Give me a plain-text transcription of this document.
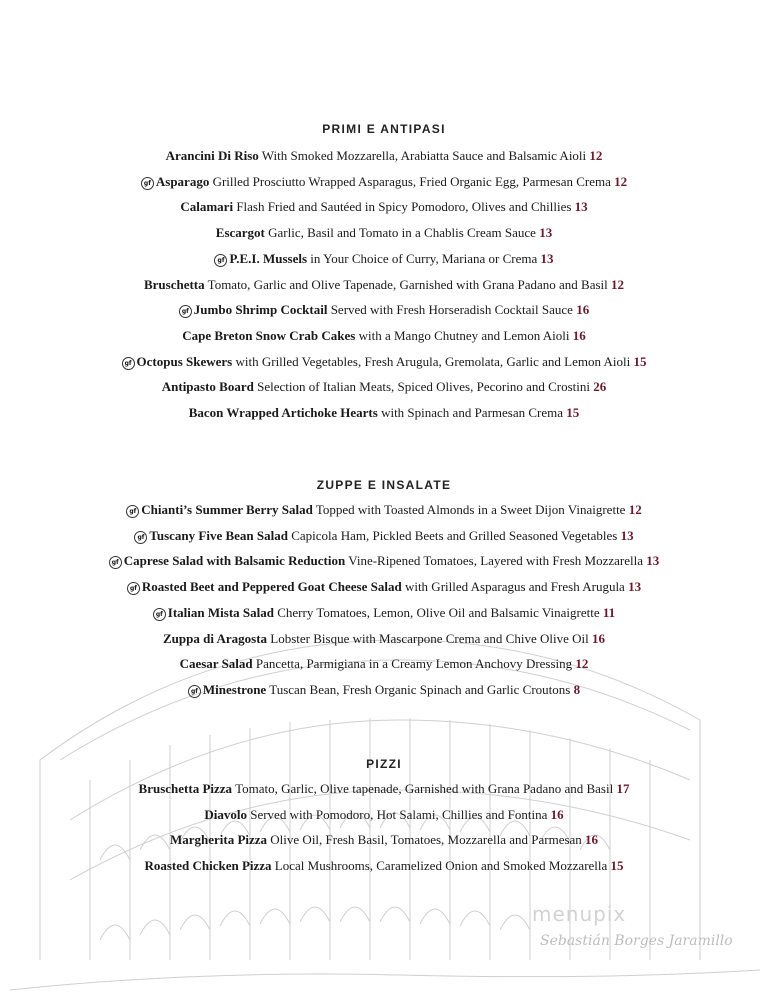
Sebastián Borges Jaramillo
PRIMI E ANTIPASI
Arancini Di Riso With Smoked Mozzarella, Arabiatta Sauce and Balsamic Aioli 12
gf Asparago Grilled Prosciutto Wrapped Asparagus, Fried Organic Egg, Parmesan Crema 12
Calamari Flash Fried and Sautéed in Spicy Pomodoro, Olives and Chillies 13
Escargot Garlic, Basil and Tomato in a Chablis Cream Sauce 13
gf P.E.I. Mussels in Your Choice of Curry, Mariana or Crema 13
Bruschetta Tomato, Garlic and Olive Tapenade, Garnished with Grana Padano and Basil 12
gf Jumbo Shrimp Cocktail Served with Fresh Horseradish Cocktail Sauce 16
Cape Breton Snow Crab Cakes with a Mango Chutney and Lemon Aioli 16
gf Octopus Skewers with Grilled Vegetables, Fresh Arugula, Gremolata, Garlic and Lemon Aioli 15
Antipasto Board Selection of Italian Meats, Spiced Olives, Pecorino and Crostini 26
Bacon Wrapped Artichoke Hearts with Spinach and Parmesan Crema 15
ZUPPE E INSALATE
gf Chianti’s Summer Berry Salad Topped with Toasted Almonds in a Sweet Dijon Vinaigrette 12
gf Tuscany Five Bean Salad Capicola Ham, Pickled Beets and Grilled Seasoned Vegetables 13
gf Caprese Salad with Balsamic Reduction Vine-Ripened Tomatoes, Layered with Fresh Mozzarella 13
gf Roasted Beet and Peppered Goat Cheese Salad with Grilled Asparagus and Fresh Arugula 13
gf Italian Mista Salad Cherry Tomatoes, Lemon, Olive Oil and Balsamic Vinaigrette 11
Zuppa di Aragosta Lobster Bisque with Mascarpone Crema and Chive Olive Oil 16
Caesar Salad Pancetta, Parmigiana in a Creamy Lemon Anchovy Dressing 12
gf Minestrone Tuscan Bean, Fresh Organic Spinach and Garlic Croutons 8
PIZZI
Bruschetta Pizza Tomato, Garlic, Olive tapenade, Garnished with Grana Padano and Basil 17
Diavolo Served with Pomodoro, Hot Salami, Chillies and Fontina 16
Margherita Pizza Olive Oil, Fresh Basil, Tomatoes, Mozzarella and Parmesan 16
Roasted Chicken Pizza Local Mushrooms, Caramelized Onion and Smoked Mozzarella 15
menupix
